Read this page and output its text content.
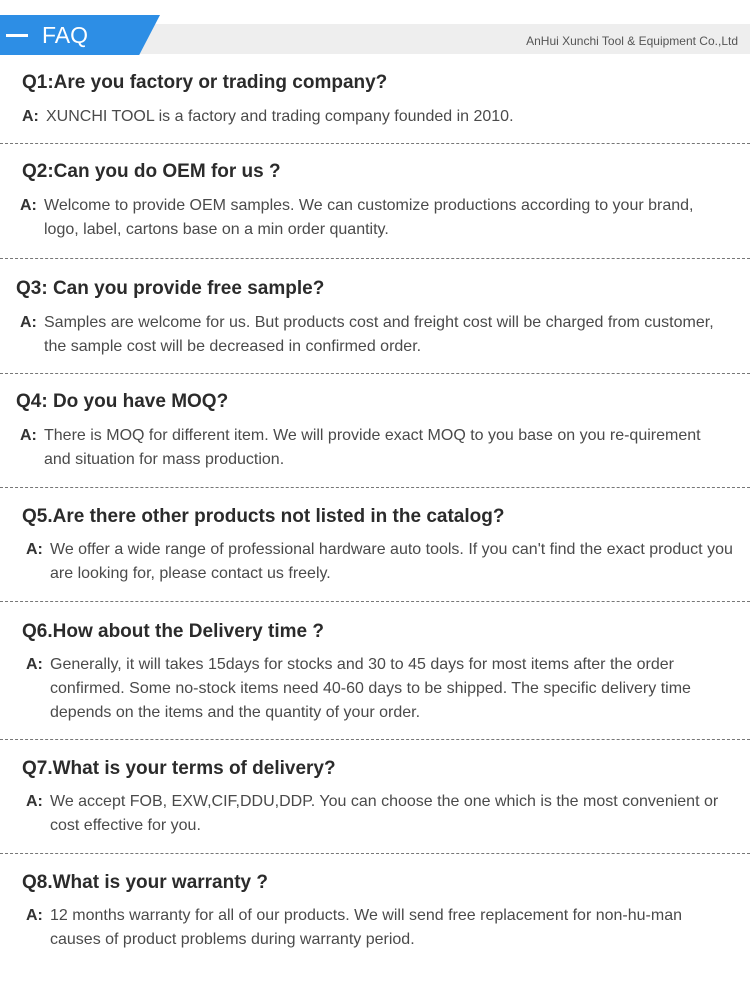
FAQ	AnHui Xunchi Tool & Equipment Co.,Ltd
Q1:Are you factory or trading company?
A: XUNCHI TOOL is a factory and trading company founded in 2010.
Q2:Can you do OEM for us ?
A: Welcome to provide OEM samples. We can customize productions according to your brand, logo, label, cartons base on a min order quantity.
Q3: Can you provide free sample?
A: Samples are welcome for us. But products cost and freight cost will be charged from customer, the sample cost will be decreased in confirmed order.
Q4: Do you have MOQ?
A: There is MOQ for different item. We will provide exact MOQ to you base on you re-quirement and situation for mass production.
Q5.Are there other products not listed in the catalog?
A: We offer a wide range of professional hardware auto tools. If you can't find the exact product you are looking for, please contact us freely.
Q6.How about the Delivery time ?
A: Generally, it will takes 15days for stocks and 30 to 45 days for most items after the order confirmed. Some no-stock items need 40-60 days to be shipped. The specific delivery time depends on the items and the quantity of your order.
Q7.What is your terms of delivery?
A: We accept FOB, EXW,CIF,DDU,DDP. You can choose the one which is the most convenient or cost effective for you.
Q8.What is your warranty ?
A: 12 months warranty for all of our products. We will send free replacement for non-hu-man causes of product problems during warranty period.
